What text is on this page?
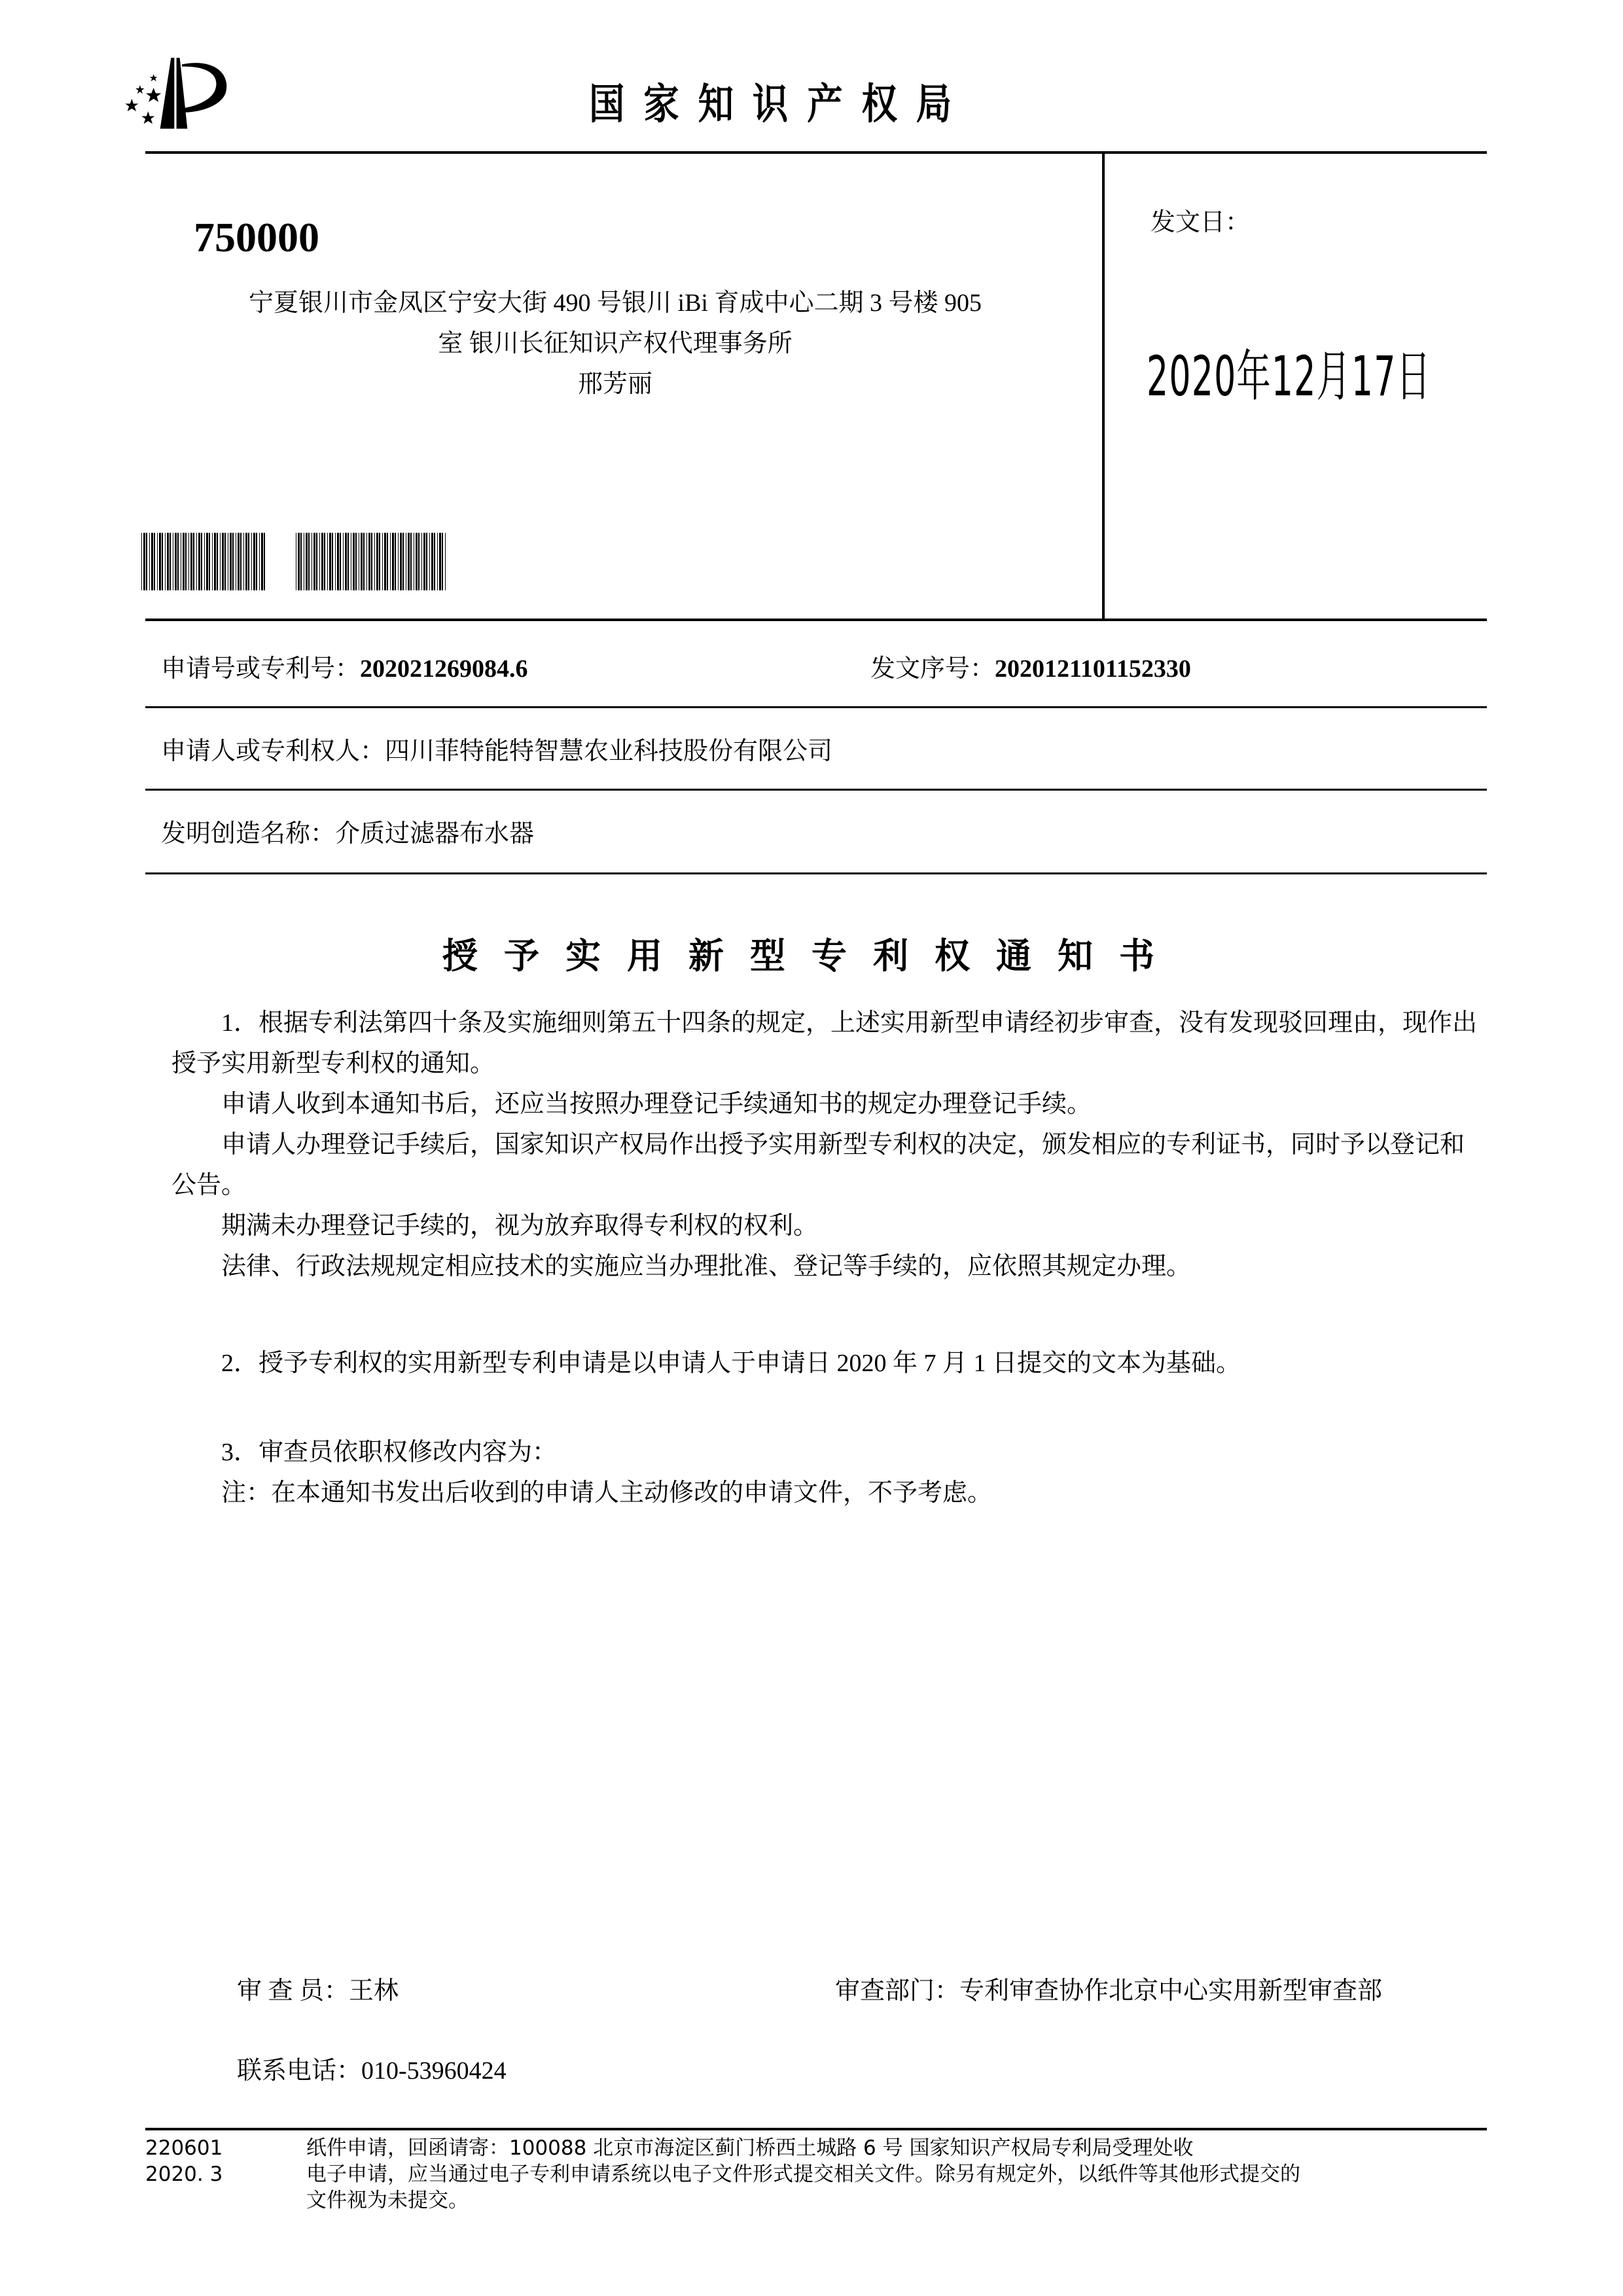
国家知识产权局
750000
宁夏银川市金凤区宁安大街 490 号银川 iBi 育成中心二期 3 号楼 905
室 银川长征知识产权代理事务所
邢芳丽
发文日：
2020年12月17日
申请号或专利号：202021269084.6	发文序号：2020121101152330
申请人或专利权人：四川菲特能特智慧农业科技股份有限公司
发明创造名称：介质过滤器布水器
授予实用新型专利权通知书
1．根据专利法第四十条及实施细则第五十四条的规定，上述实用新型申请经初步审查，没有发现驳回理由，现作出授予实用新型专利权的通知。
申请人收到本通知书后，还应当按照办理登记手续通知书的规定办理登记手续。
申请人办理登记手续后，国家知识产权局作出授予实用新型专利权的决定，颁发相应的专利证书，同时予以登记和公告。
期满未办理登记手续的，视为放弃取得专利权的权利。
法律、行政法规规定相应技术的实施应当办理批准、登记等手续的，应依照其规定办理。
2．授予专利权的实用新型专利申请是以申请人于申请日 2020 年 7 月 1 日提交的文本为基础。
3．审查员依职权修改内容为：
注：在本通知书发出后收到的申请人主动修改的申请文件，不予考虑。
审 查 员：王林	审查部门：专利审查协作北京中心实用新型审查部
联系电话：010-53960424
220601
2020. 3
纸件申请，回函请寄：100088 北京市海淀区蓟门桥西土城路 6 号 国家知识产权局专利局受理处收
电子申请，应当通过电子专利申请系统以电子文件形式提交相关文件。除另有规定外，以纸件等其他形式提交的
文件视为未提交。
